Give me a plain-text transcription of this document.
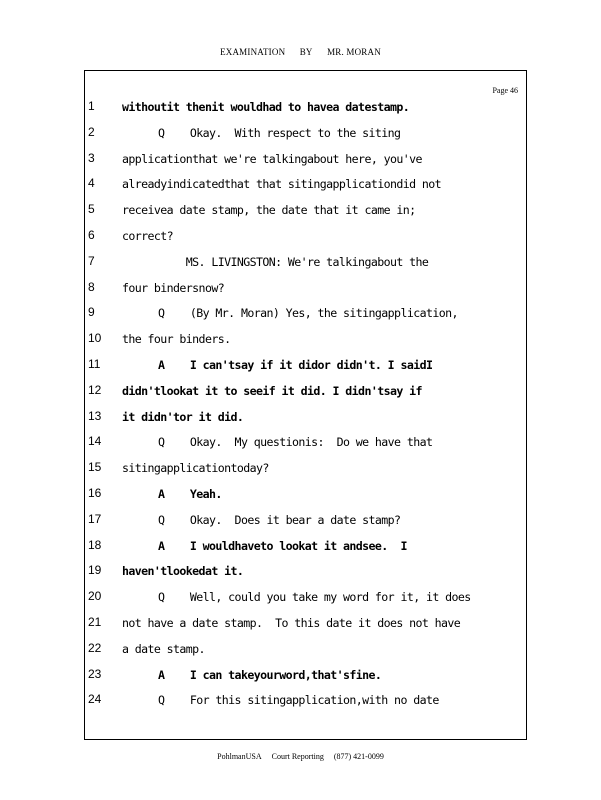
EXAMINATION BY MR. MORAN
Page 46
1	withoutit thenit wouldhad to havea datestamp.
2	Q    Okay.  With respect to the siting
3	applicationthat we're talkingabout here, you've
4	alreadyindicatedthat that sitingapplicationdid not
5	receivea date stamp, the date that it came in;
6	correct?
7	MS. LIVINGSTON: We're talkingabout the
8	four bindersnow?
9	Q    (By Mr. Moran) Yes, the sitingapplication,
10	the four binders.
11	A    I can'tsay if it didor didn't. I saidI
12	didn'tlookat it to seeif it did. I didn'tsay if
13	it didn'tor it did.
14	Q    Okay.  My questionis:  Do we have that
15	sitingapplicationtoday?
16	A    Yeah.
17	Q    Okay.  Does it bear a date stamp?
18	A    I wouldhaveto lookat it andsee.  I
19	haven'tlookedat it.
20	Q    Well, could you take my word for it, it does
21	not have a date stamp.  To this date it does not have
22	a date stamp.
23	A    I can takeyourword,that'sfine.
24	Q    For this sitingapplication,with no date
PohlmanUSA Court Reporting (877) 421-0099
